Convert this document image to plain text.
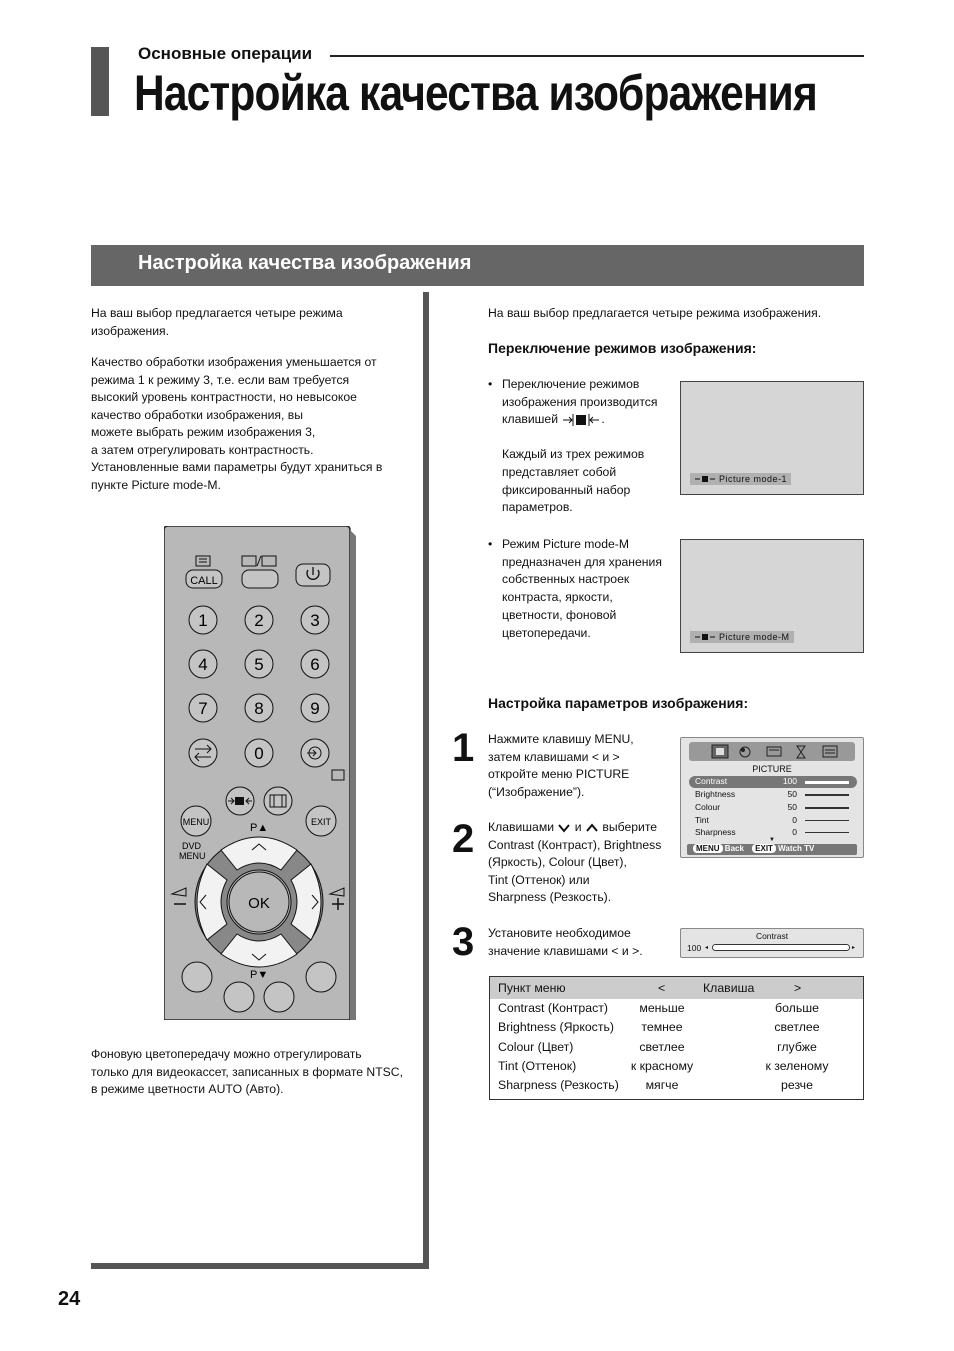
Основные операции
Настройка качества изображения
Настройка качества изображения
На ваш выбор предлагается четыре режима
изображения.
Качество обработки изображения уменьшается от
режима 1 к режиму 3, т.е. если вам требуется
высокий уровень контрастности, но невысокое
качество обработки изображения, вы
можете выбрать режим изображения 3,
а затем отрегулировать контрастность.
Установленные вами параметры будут храниться в
пункте Picture mode-M.
CALL
1	2	3
4	5	6
7	8	9
0
MENU	EXIT
DVD
MENU
P▲
OK
P▼
Фоновую цветопередачу можно отрегулировать
только для видеокассет, записанных в формате NTSC,
в режиме цветности AUTO (Авто).
На ваш выбор предлагается четыре режима изображения.
Переключение режимов изображения:
• Переключение режимов
изображения производится
клавишей	.
Каждый из трех режимов
представляет собой
фиксированный набор
параметров.
Picture mode-1
• Режим Picture mode-M
предназначен для хранения
собственных настроек
контраста, яркости,
цветности, фоновой
цветопередачи.	Picture mode-M
Настройка параметров изображения:
1 Нажмите клавишу MENU,
затем клавишами < и >
откройте меню PICTURE
(“Изображение”).
PICTURE
Contrast	100
Brightness	50
Colour	50
Tint	0
Sharpness	0
▼
MENU Back EXIT Watch TV
2 Клавишами и выберите
Contrast (Контраст), Brightness
(Яркость), Colour (Цвет),
Tint (Оттенок) или
Sharpness (Резкость).
3 Установите необходимое
значение клавишами < и >.
Contrast
100 ◂	▸
Пункт меню	<	Клавиша	>
Contrast (Контраст)	меньше	больше
Brightness (Яркость)	темнее	светлее
Colour (Цвет)	светлее	глубже
Tint (Оттенок)	к красному	к зеленому
Sharpness (Резкость)	мягче	резче
24
